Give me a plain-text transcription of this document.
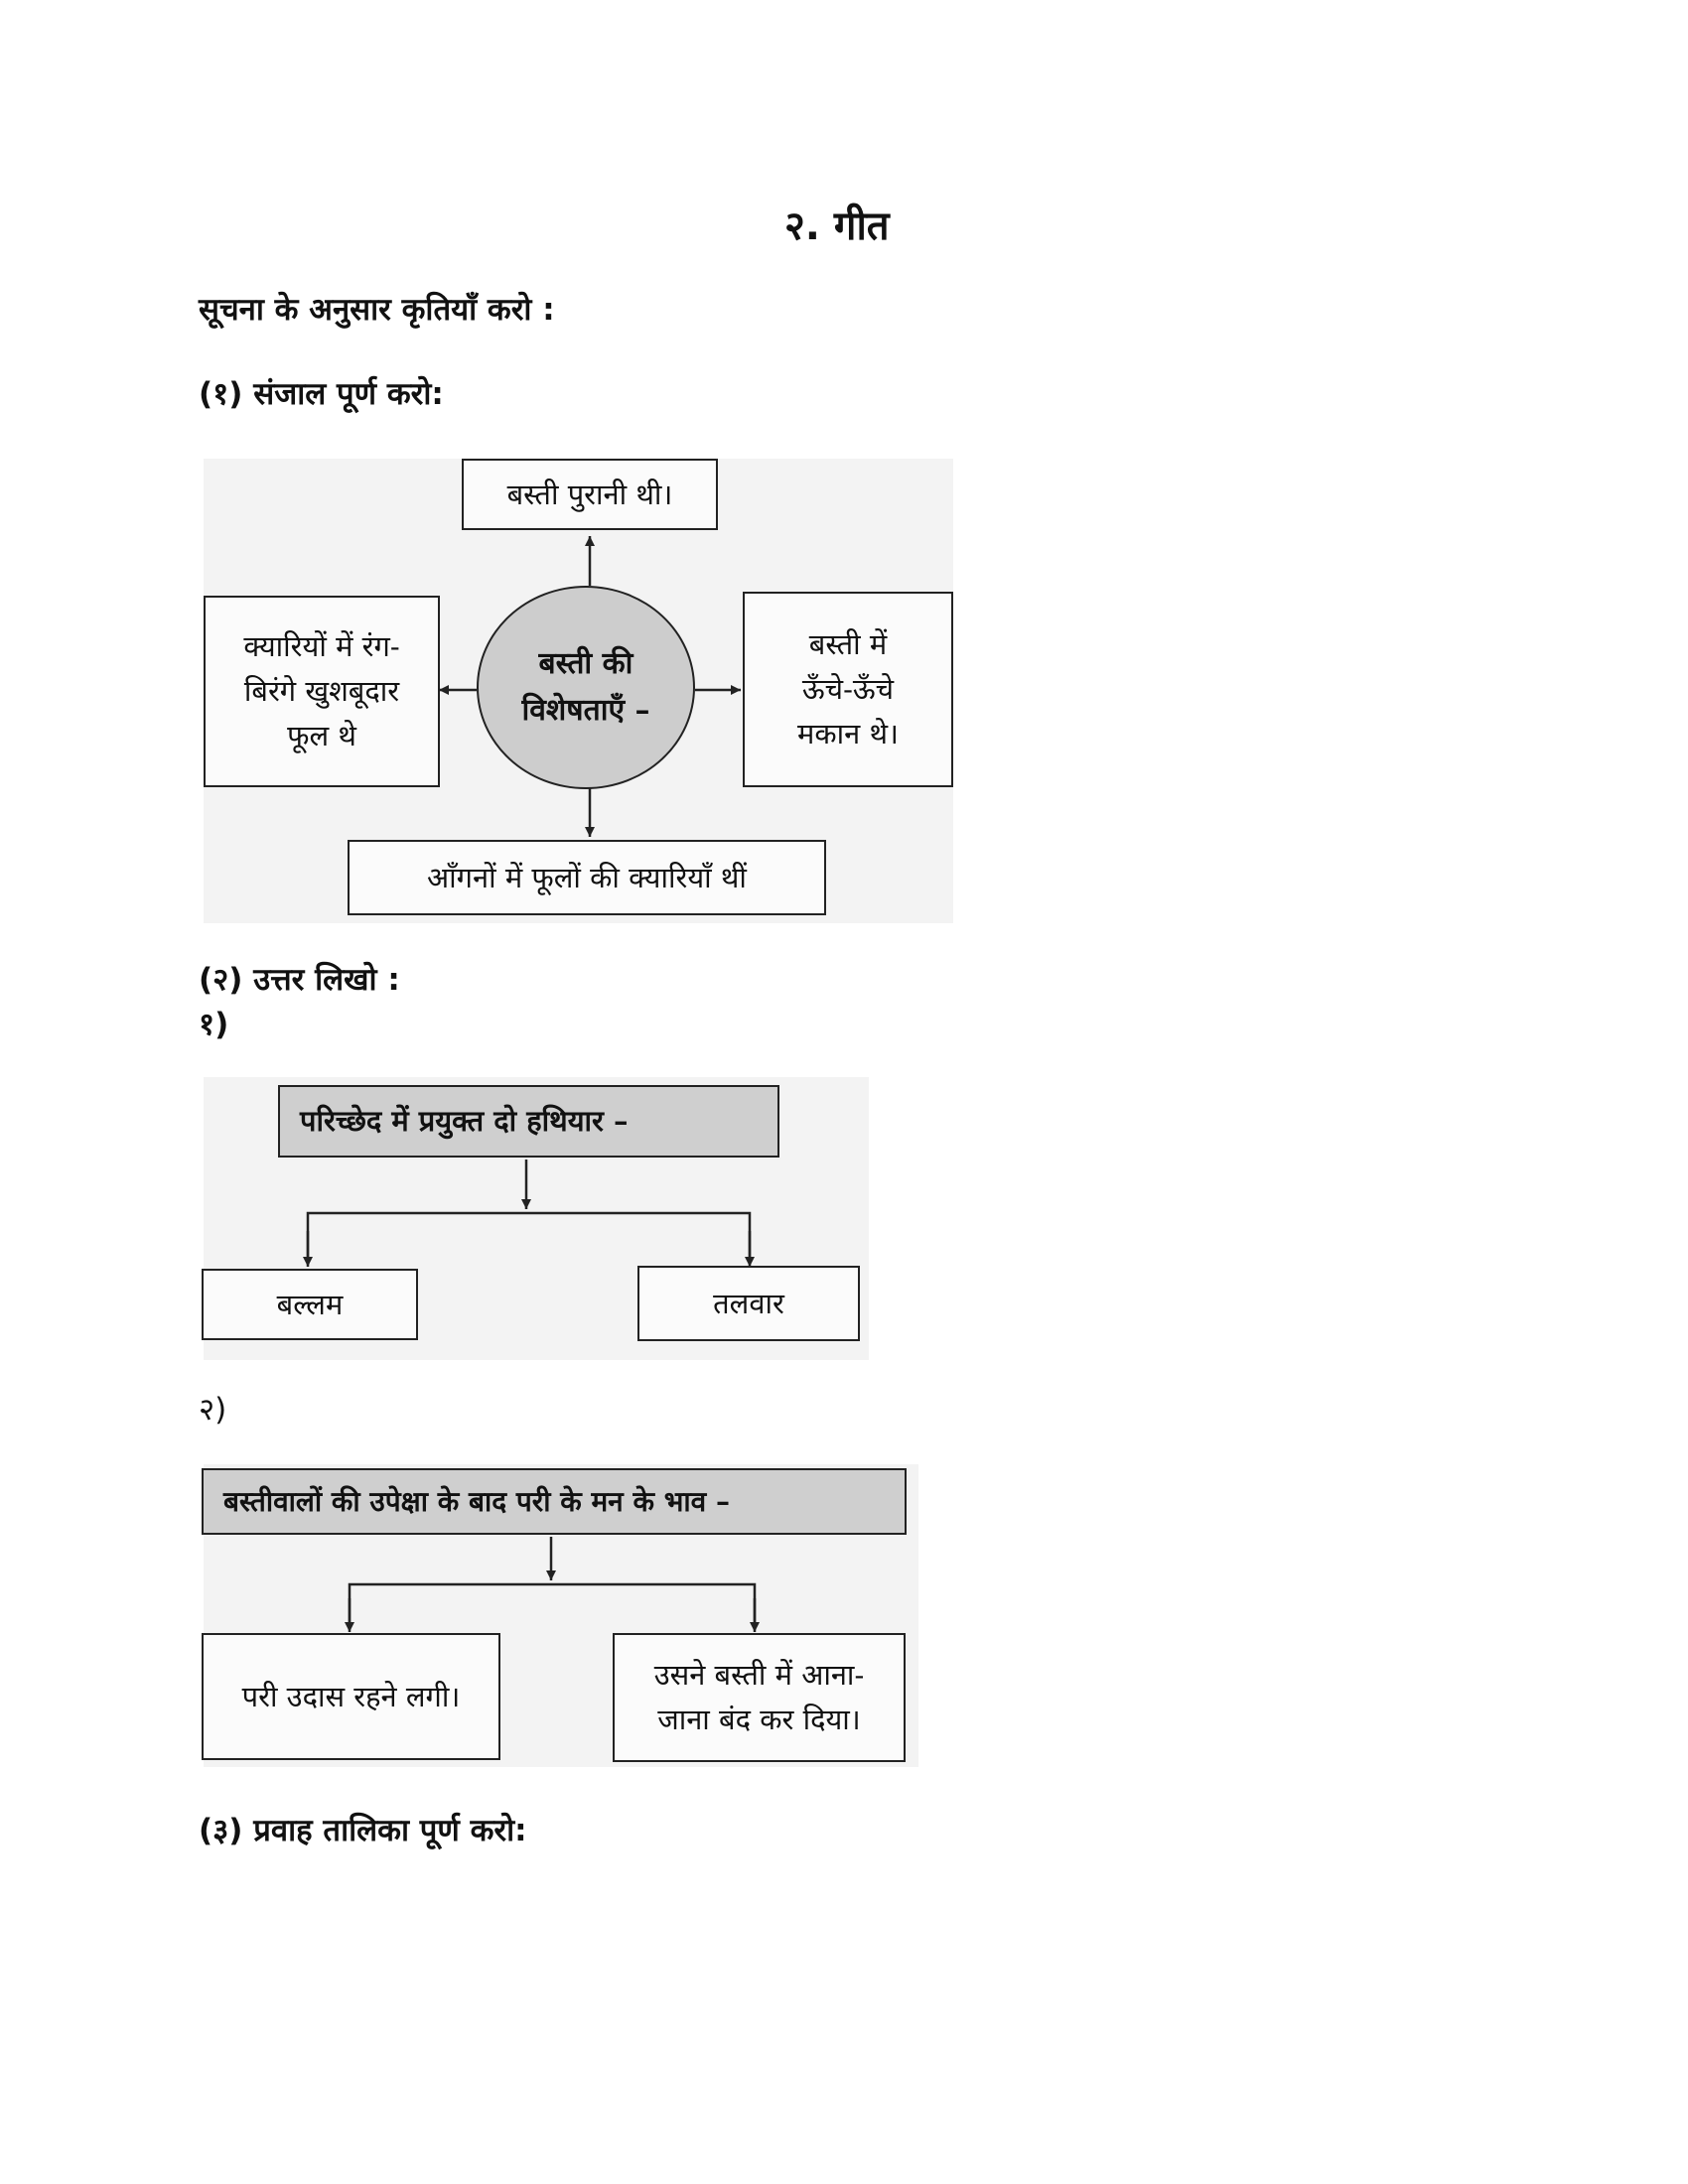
२. गीत
सूचना के अनुसार कृतियाँ करो :
(१) संजाल पूर्ण करो:
बस्ती पुरानी थी।
क्यारियों में रंग-
बिरंगे खुशबूदार
फूल थे
बस्ती की
विशेषताएँ –
बस्ती में
ऊँचे-ऊँचे
मकान थे।
आँगनों में फूलों की क्यारियाँ थीं
(२) उत्तर लिखो :
१)
परिच्छेद में प्रयुक्त दो हथियार –
बल्लम	तलवार
२)
बस्तीवालों की उपेक्षा के बाद परी के मन के भाव –
परी उदास रहने लगी।
उसने बस्ती में आना-
जाना बंद कर दिया।
(३) प्रवाह तालिका पूर्ण करो:
